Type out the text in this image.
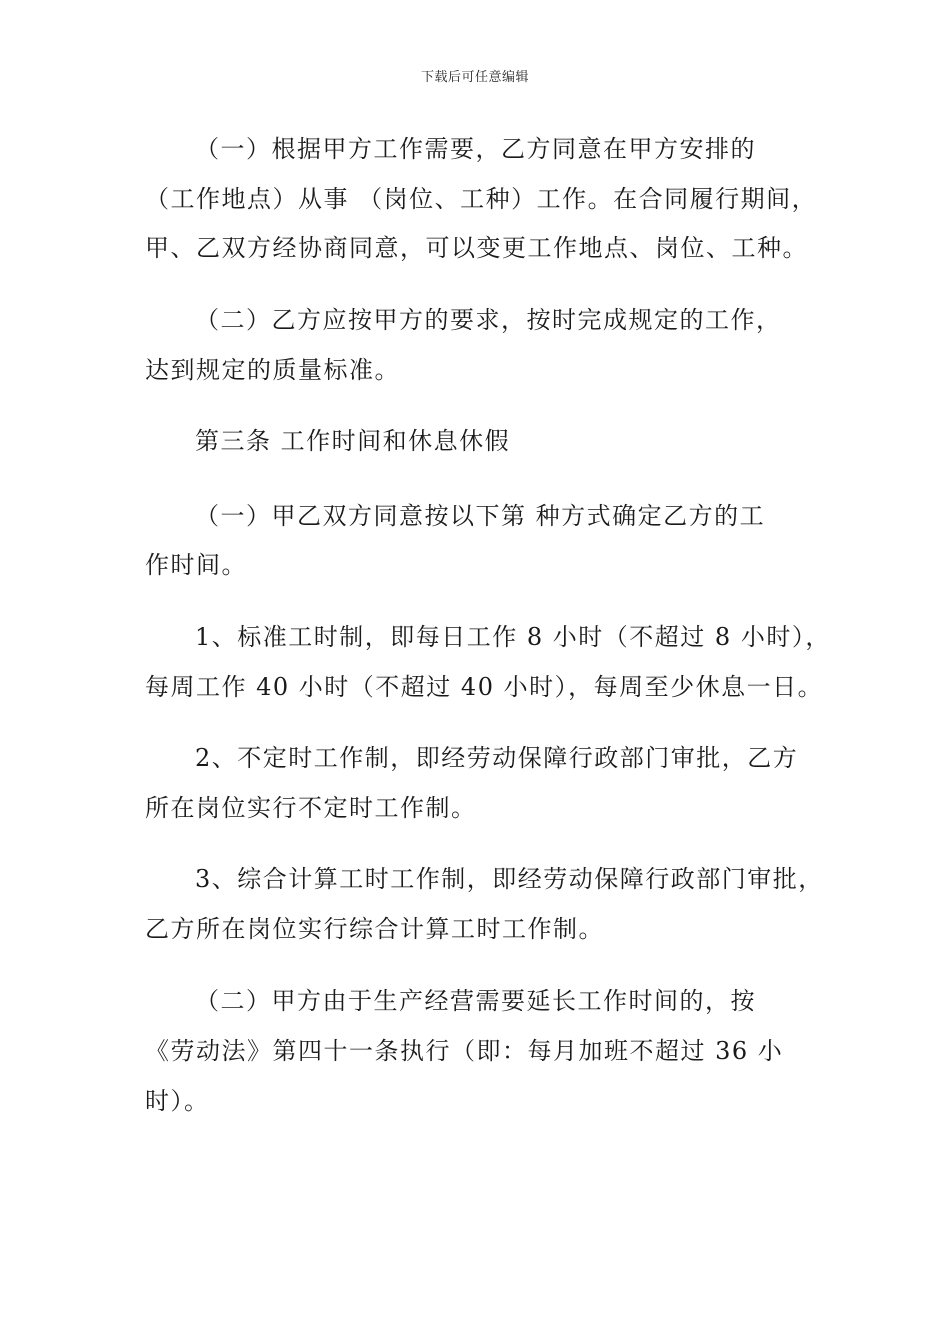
下载后可任意编辑
（一）根据甲方工作需要，乙方同意在甲方安排的
（工作地点）从事 （岗位、工种）工作。在合同履行期间，
甲、乙双方经协商同意，可以变更工作地点、岗位、工种。
（二）乙方应按甲方的要求，按时完成规定的工作，
达到规定的质量标准。
第三条 工作时间和休息休假
（一）甲乙双方同意按以下第 种方式确定乙方的工
作时间。
1、标准工时制，即每日工作 8 小时（不超过 8 小时），
每周工作 40 小时（不超过 40 小时），每周至少休息一日。
2、不定时工作制，即经劳动保障行政部门审批，乙方
所在岗位实行不定时工作制。
3、综合计算工时工作制，即经劳动保障行政部门审批，
乙方所在岗位实行综合计算工时工作制。
（二）甲方由于生产经营需要延长工作时间的，按
《劳动法》第四十一条执行（即：每月加班不超过 36 小
时）。
